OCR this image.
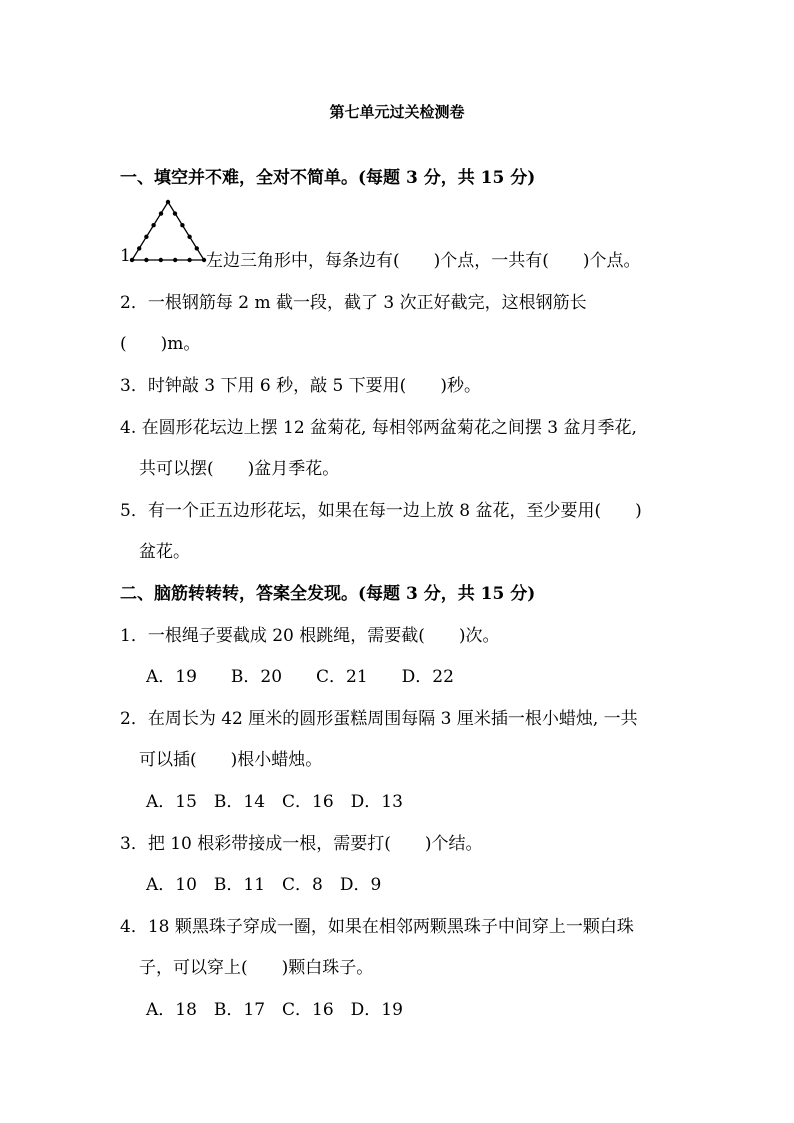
第七单元过关检测卷
一、填空并不难，全对不简单。(每题 3 分，共 15 分)
1.	左边三角形中，每条边有(　　)个点，一共有(　　)个点。
2．一根钢筋每 2 m 截一段，截了 3 次正好截完，这根钢筋长
(　　)m。
3．时钟敲 3 下用 6 秒，敲 5 下要用(　　)秒。
4. 在圆形花坛边上摆 12 盆菊花, 每相邻两盆菊花之间摆 3 盆月季花,
共可以摆(　　)盆月季花。
5．有一个正五边形花坛，如果在每一边上放 8 盆花，至少要用(　　)
盆花。
二、脑筋转转转，答案全发现。(每题 3 分，共 15 分)
1．一根绳子要截成 20 根跳绳，需要截(　　)次。
A．19　　B．20　　C．21　　D．22
2．在周长为 42 厘米的圆形蛋糕周围每隔 3 厘米插一根小蜡烛, 一共
可以插(　　)根小蜡烛。
A．15　B．14　C．16　D．13
3．把 10 根彩带接成一根，需要打(　　)个结。
A．10　B．11　C．8　D．9
4．18 颗黑珠子穿成一圈，如果在相邻两颗黑珠子中间穿上一颗白珠
子，可以穿上(　　)颗白珠子。
A．18　B．17　C．16　D．19
